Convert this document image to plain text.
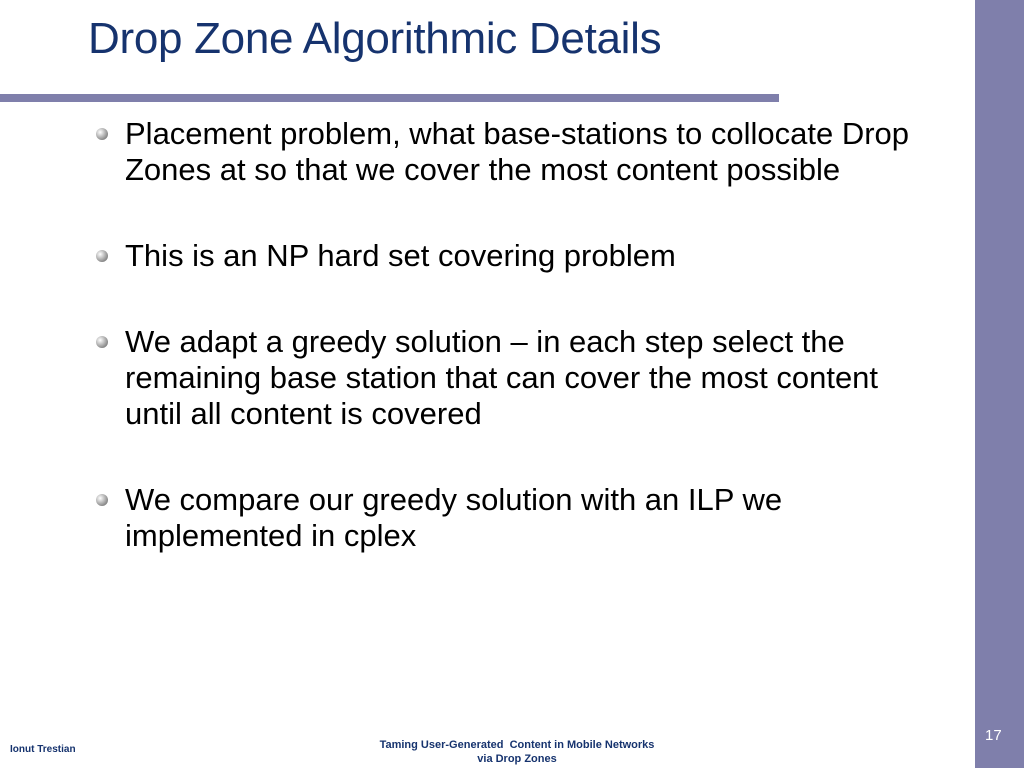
Drop Zone Algorithmic Details
Placement problem, what base-stations to collocate Drop Zones at so that we cover the most content possible
This is an NP hard set covering problem
We adapt a greedy solution – in each step select the remaining base station that can cover the most content until all content is covered
We compare our greedy solution with an ILP we implemented in cplex
Ionut Trestian	Taming User-Generated  Content in Mobile Networks
via Drop Zones
17
